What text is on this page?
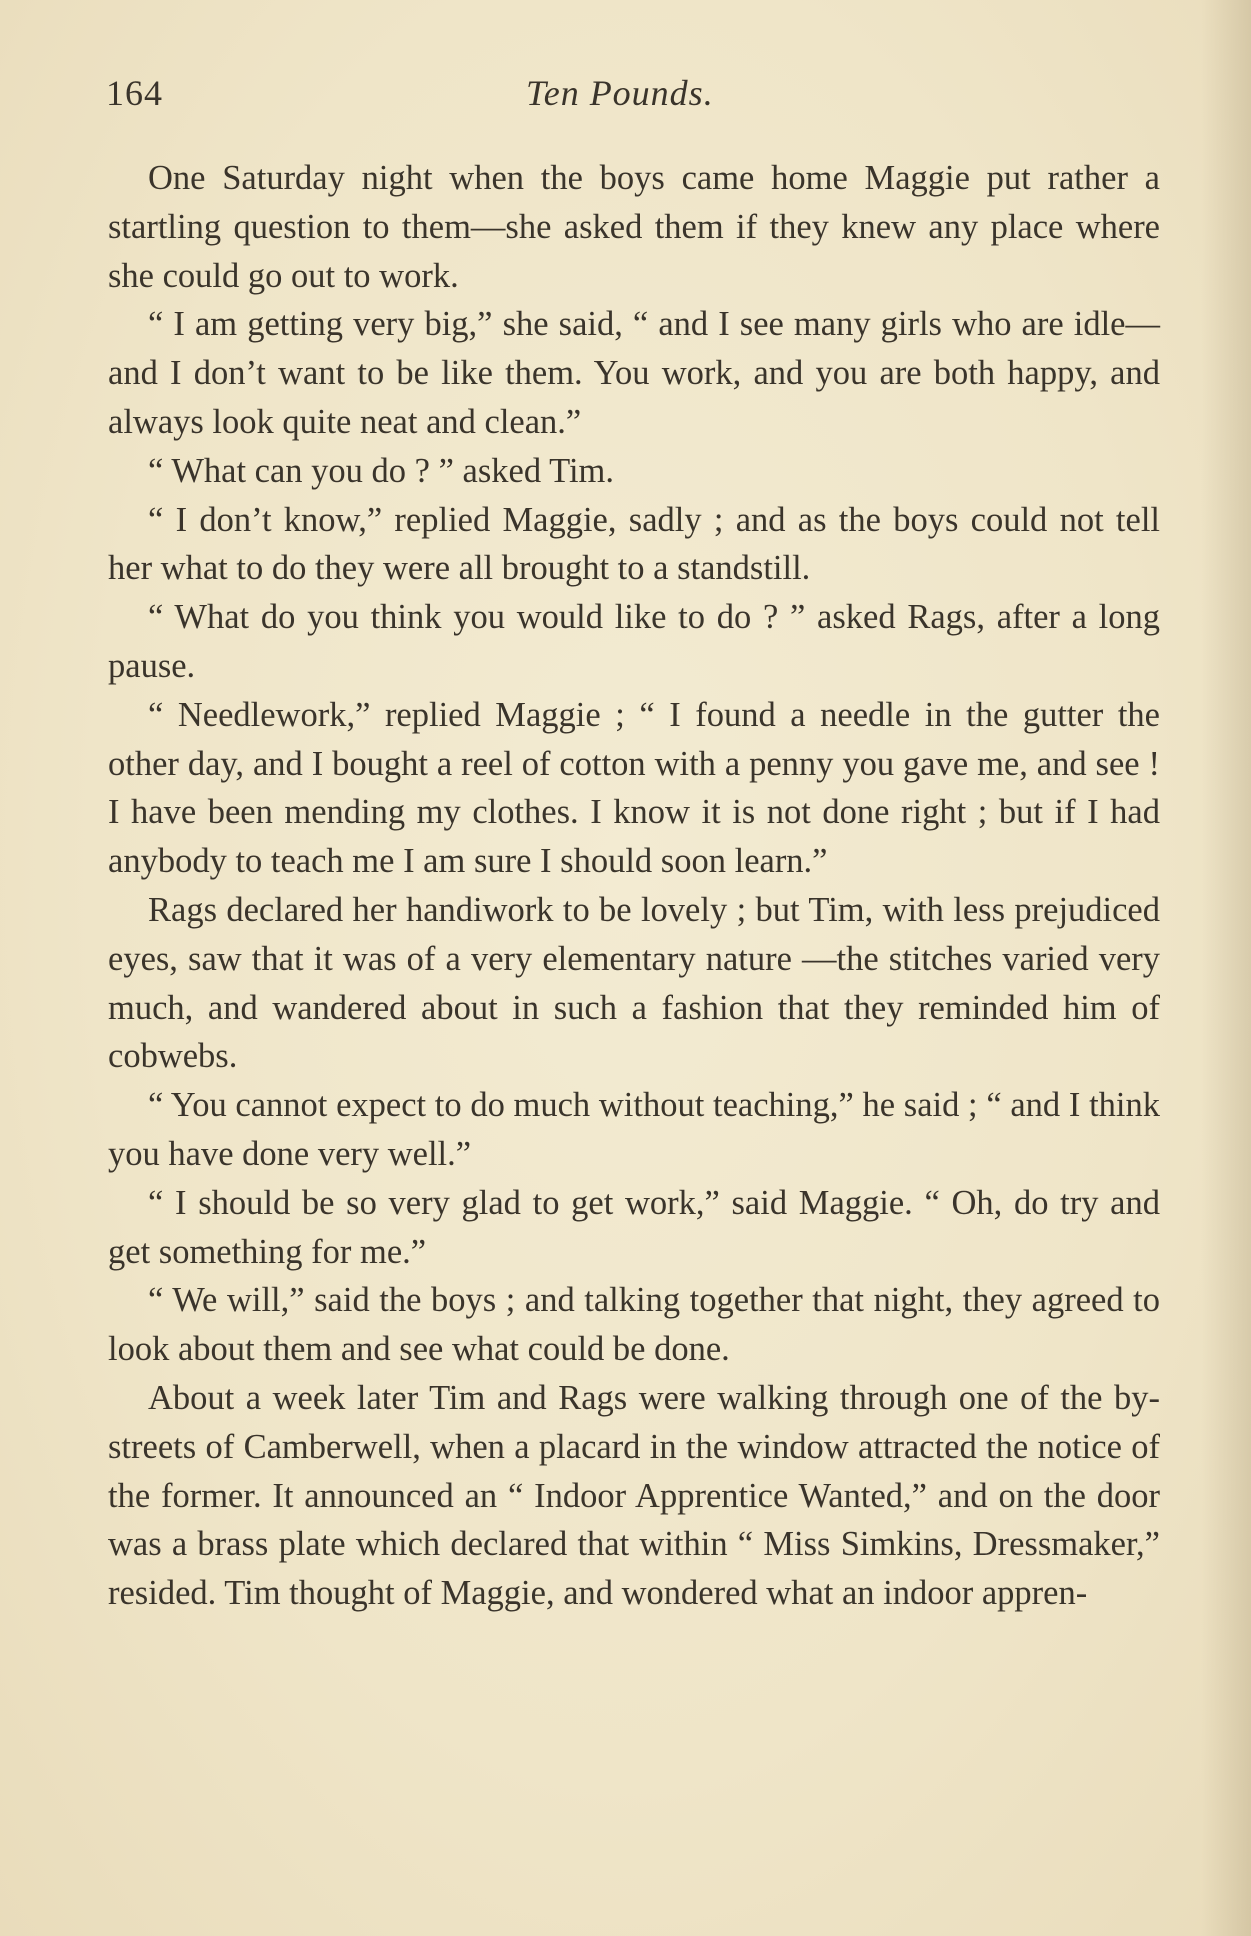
164	Ten Pounds.

One Saturday night when the boys came home Maggie put rather a startling question to them—she asked them if they knew any place where she could go out to work.

“ I am getting very big,” she said, “ and I see many girls who are idle—and I don’t want to be like them. You work, and you are both happy, and always look quite neat and clean.”

“ What can you do ? ” asked Tim.

“ I don’t know,” replied Maggie, sadly ; and as the boys could not tell her what to do they were all brought to a standstill.

“ What do you think you would like to do ? ” asked Rags, after a long pause.

“ Needlework,” replied Maggie ; “ I found a needle in the gutter the other day, and I bought a reel of cotton with a penny you gave me, and see ! I have been mending my clothes. I know it is not done right ; but if I had anybody to teach me I am sure I should soon learn.”

Rags declared her handiwork to be lovely ; but Tim, with less prejudiced eyes, saw that it was of a very elementary nature —the stitches varied very much, and wandered about in such a fashion that they reminded him of cobwebs.

“ You cannot expect to do much without teaching,” he said ; “ and I think you have done very well.”

“ I should be so very glad to get work,” said Maggie. “ Oh, do try and get something for me.”

“ We will,” said the boys ; and talking together that night, they agreed to look about them and see what could be done.

About a week later Tim and Rags were walking through one of the by-streets of Camberwell, when a placard in the window attracted the notice of the former. It announced an “ Indoor Apprentice Wanted,” and on the door was a brass plate which declared that within “ Miss Simkins, Dressmaker,” resided. Tim thought of Maggie, and wondered what an indoor appren-
